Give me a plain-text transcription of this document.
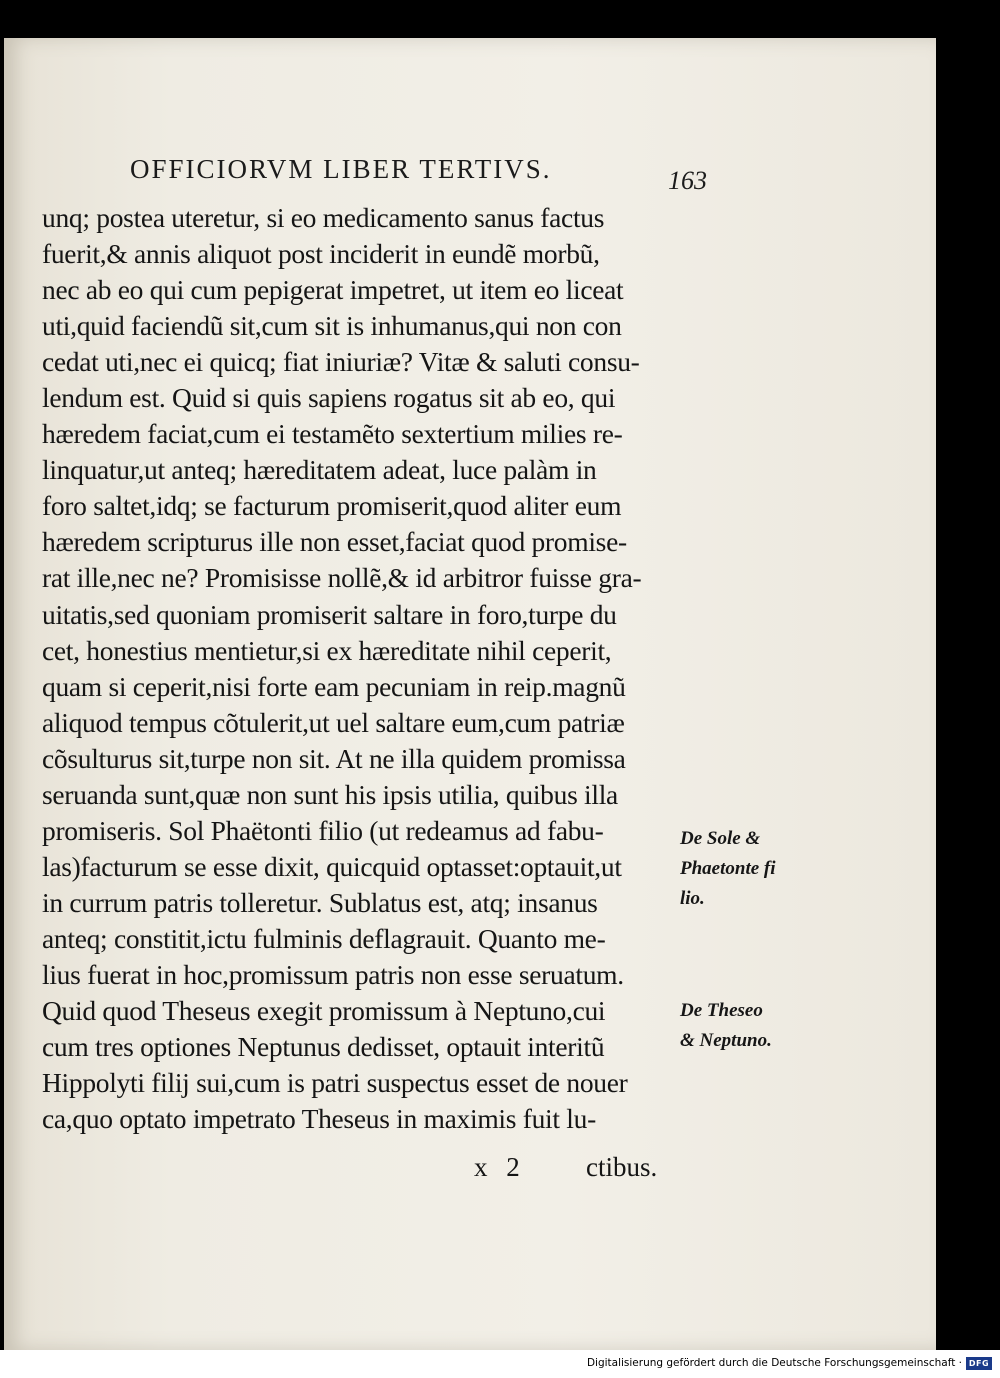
OFFICIORVM LIBER TERTIVS.	163
unq; postea uteretur, si eo medicamento sanus factus
fuerit,& annis aliquot post inciderit in eundẽ morbũ,
nec ab eo qui cum pepigerat impetret, ut item eo liceat
uti,quid faciendũ sit,cum sit is inhumanus,qui non con
cedat uti,nec ei quicq; fiat iniuriæ? Vitæ & saluti consu-
lendum est. Quid si quis sapiens rogatus sit ab eo, qui
hæredem faciat,cum ei testamẽto sextertium milies re-
linquatur,ut anteq; hæreditatem adeat, luce palàm in
foro saltet,idq; se facturum promiserit,quod aliter eum
hæredem scripturus ille non esset,faciat quod promise-
rat ille,nec ne? Promisisse nollẽ,& id arbitror fuisse gra-
uitatis,sed quoniam promiserit saltare in foro,turpe du
cet, honestius mentietur,si ex hæreditate nihil ceperit,
quam si ceperit,nisi forte eam pecuniam in reip.magnũ
aliquod tempus cõtulerit,ut uel saltare eum,cum patriæ
cõsulturus sit,turpe non sit. At ne illa quidem promissa
seruanda sunt,quæ non sunt his ipsis utilia, quibus illa
promiseris. Sol Phaëtonti filio (ut redeamus ad fabu-
las)facturum se esse dixit, quicquid optasset:optauit,ut
in currum patris tolleretur. Sublatus est, atq; insanus
anteq; constitit,ictu fulminis deflagrauit. Quanto me-
lius fuerat in hoc,promissum patris non esse seruatum.
Quid quod Theseus exegit promissum à Neptuno,cui
cum tres optiones Neptunus dedisset, optauit interitũ
Hippolyti filij sui,cum is patri suspectus esset de nouer
ca,quo optato impetrato Theseus in maximis fuit lu-
x 2 ctibus.
De Sole &
Phaetonte fi
lio.
De Theseo
& Neptuno.
Digitalisierung gefördert durch die Deutsche Forschungsgemeinschaft · DFG
